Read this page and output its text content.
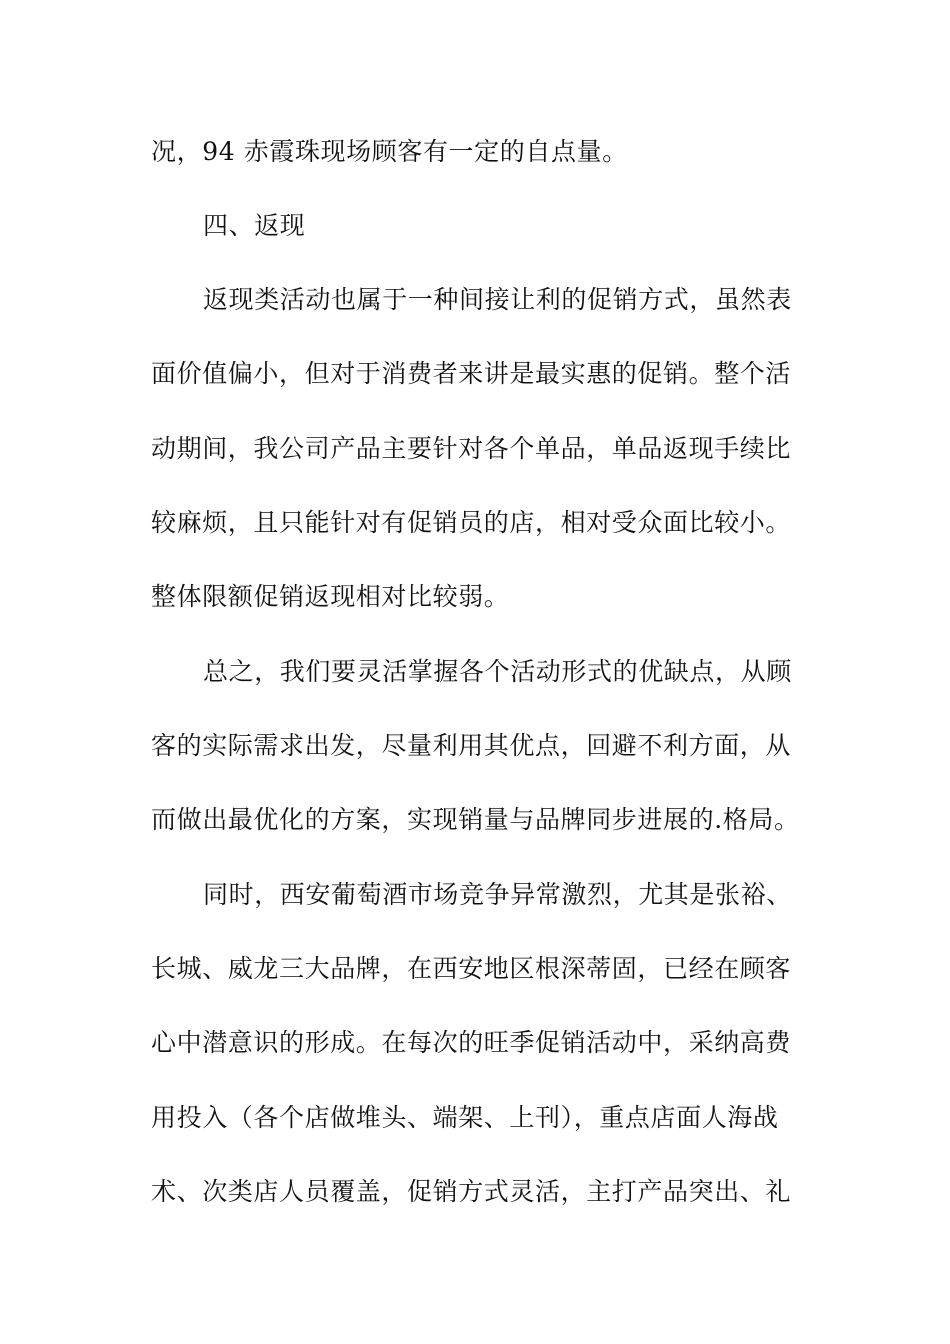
况，94 赤霞珠现场顾客有一定的自点量。
四、返现
返现类活动也属于一种间接让利的促销方式，虽然表
面价值偏小，但对于消费者来讲是最实惠的促销。整个活
动期间，我公司产品主要针对各个单品，单品返现手续比
较麻烦，且只能针对有促销员的店，相对受众面比较小。
整体限额促销返现相对比较弱。
总之，我们要灵活掌握各个活动形式的优缺点，从顾
客的实际需求出发，尽量利用其优点，回避不利方面，从
而做出最优化的方案，实现销量与品牌同步进展的.格局。
同时，西安葡萄酒市场竞争异常激烈，尤其是张裕、
长城、威龙三大品牌，在西安地区根深蒂固，已经在顾客
心中潜意识的形成。在每次的旺季促销活动中，采纳高费
用投入（各个店做堆头、端架、上刊），重点店面人海战
术、次类店人员覆盖，促销方式灵活，主打产品突出、礼
